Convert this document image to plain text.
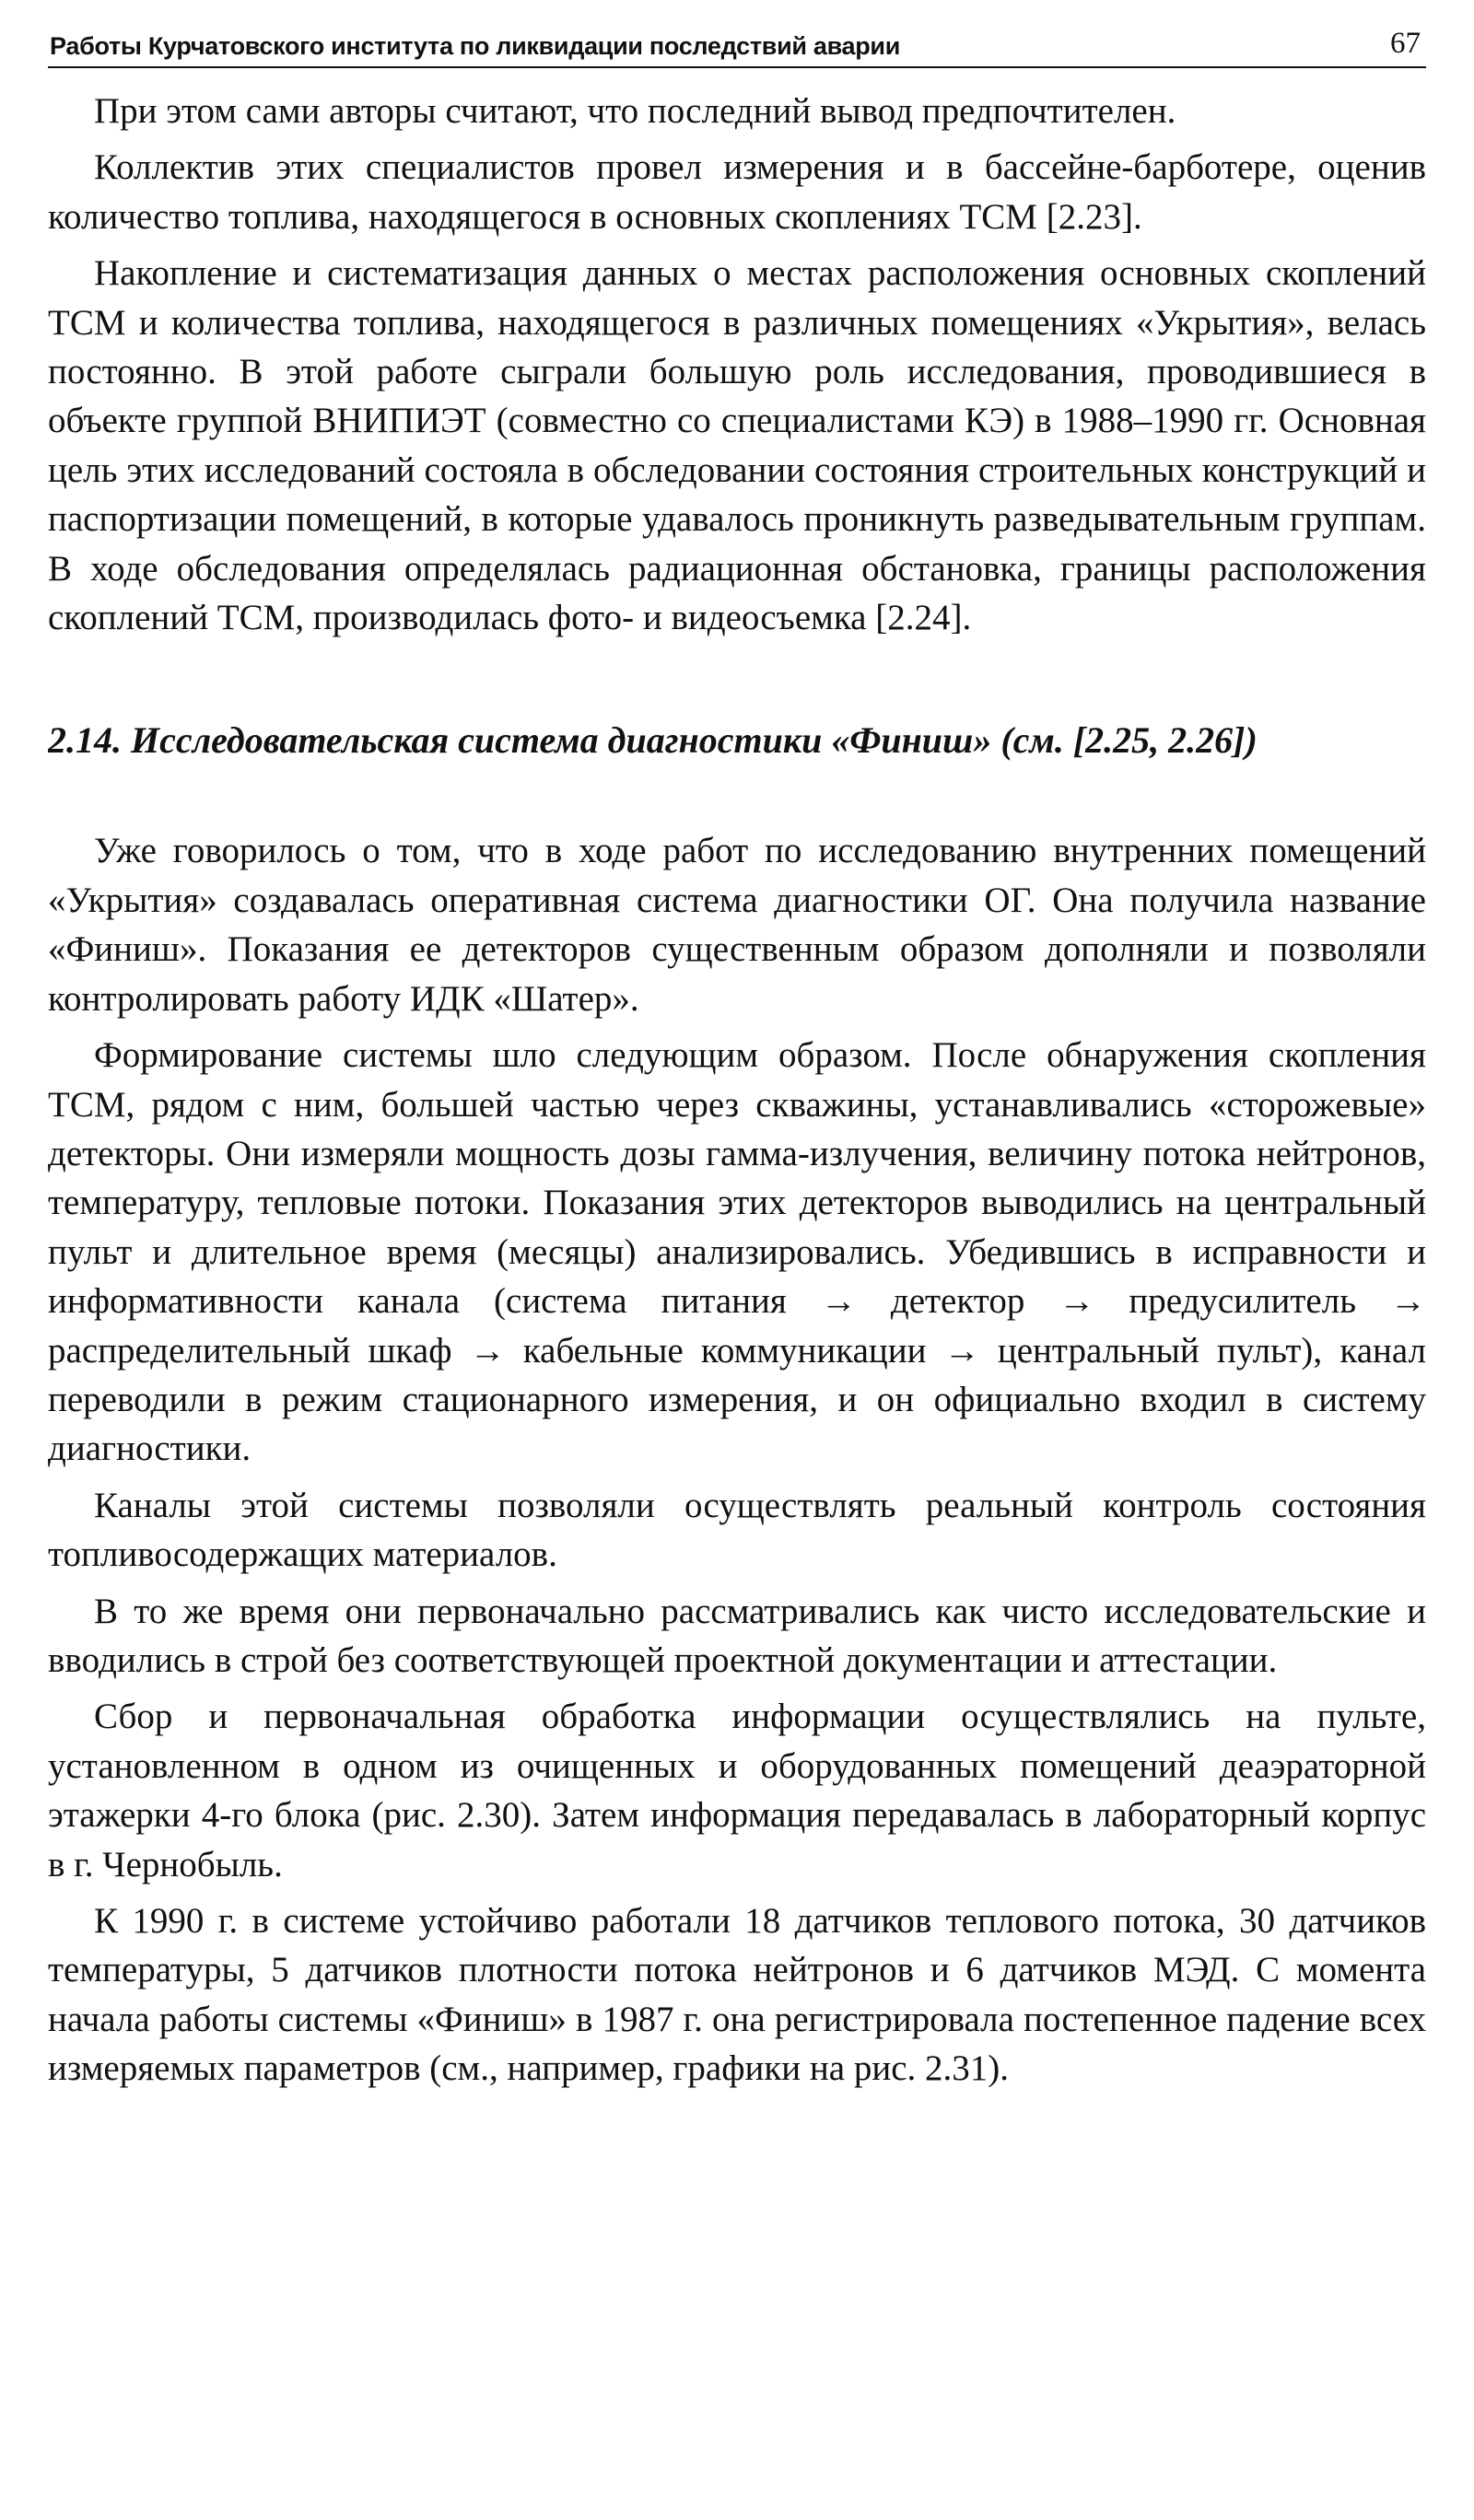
Работы Курчатовского института по ликвидации последствий аварии	67

При этом сами авторы считают, что последний вывод предпочтителен.

Коллектив этих специалистов провел измерения и в бассейне-барботере, оценив количество топлива, находящегося в основных скоплениях ТСМ [2.23].

Накопление и систематизация данных о местах расположения основных скоплений ТСМ и количества топлива, находящегося в различных помещениях «Укрытия», велась постоянно. В этой работе сыграли большую роль исследования, проводившиеся в объекте группой ВНИПИЭТ (совместно со специалистами КЭ) в 1988–1990 гг. Основная цель этих исследований состояла в обследовании состояния строительных конструкций и паспортизации помещений, в которые удавалось проникнуть разведывательным группам. В ходе обследования определялась радиационная обстановка, границы расположения скоплений ТСМ, производилась фото- и видеосъемка [2.24].

2.14. Исследовательская система диагностики «Финиш» (см. [2.25, 2.26])

Уже говорилось о том, что в ходе работ по исследованию внутренних помещений «Укрытия» создавалась оперативная система диагностики ОГ. Она получила название «Финиш». Показания ее детекторов существенным образом дополняли и позволяли контролировать работу ИДК «Шатер».

Формирование системы шло следующим образом. После обнаружения скопления ТСМ, рядом с ним, большей частью через скважины, устанавливались «сторожевые» детекторы. Они измеряли мощность дозы гамма-излучения, величину потока нейтронов, температуру, тепловые потоки. Показания этих детекторов выводились на центральный пульт и длительное время (месяцы) анализировались. Убедившись в исправности и информативности канала (система питания → детектор → предусилитель → распределительный шкаф → кабельные коммуникации → центральный пульт), канал переводили в режим стационарного измерения, и он официально входил в систему диагностики.

Каналы этой системы позволяли осуществлять реальный контроль состояния топливосодержащих материалов.

В то же время они первоначально рассматривались как чисто исследовательские и вводились в строй без соответствующей проектной документации и аттестации.

Сбор и первоначальная обработка информации осуществлялись на пульте, установленном в одном из очищенных и оборудованных помещений деаэраторной этажерки 4-го блока (рис. 2.30). Затем информация передавалась в лабораторный корпус в г. Чернобыль.

К 1990 г. в системе устойчиво работали 18 датчиков теплового потока, 30 датчиков температуры, 5 датчиков плотности потока нейтронов и 6 датчиков МЭД. С момента начала работы системы «Финиш» в 1987 г. она регистрировала постепенное падение всех измеряемых параметров (см., например, графики на рис. 2.31).
